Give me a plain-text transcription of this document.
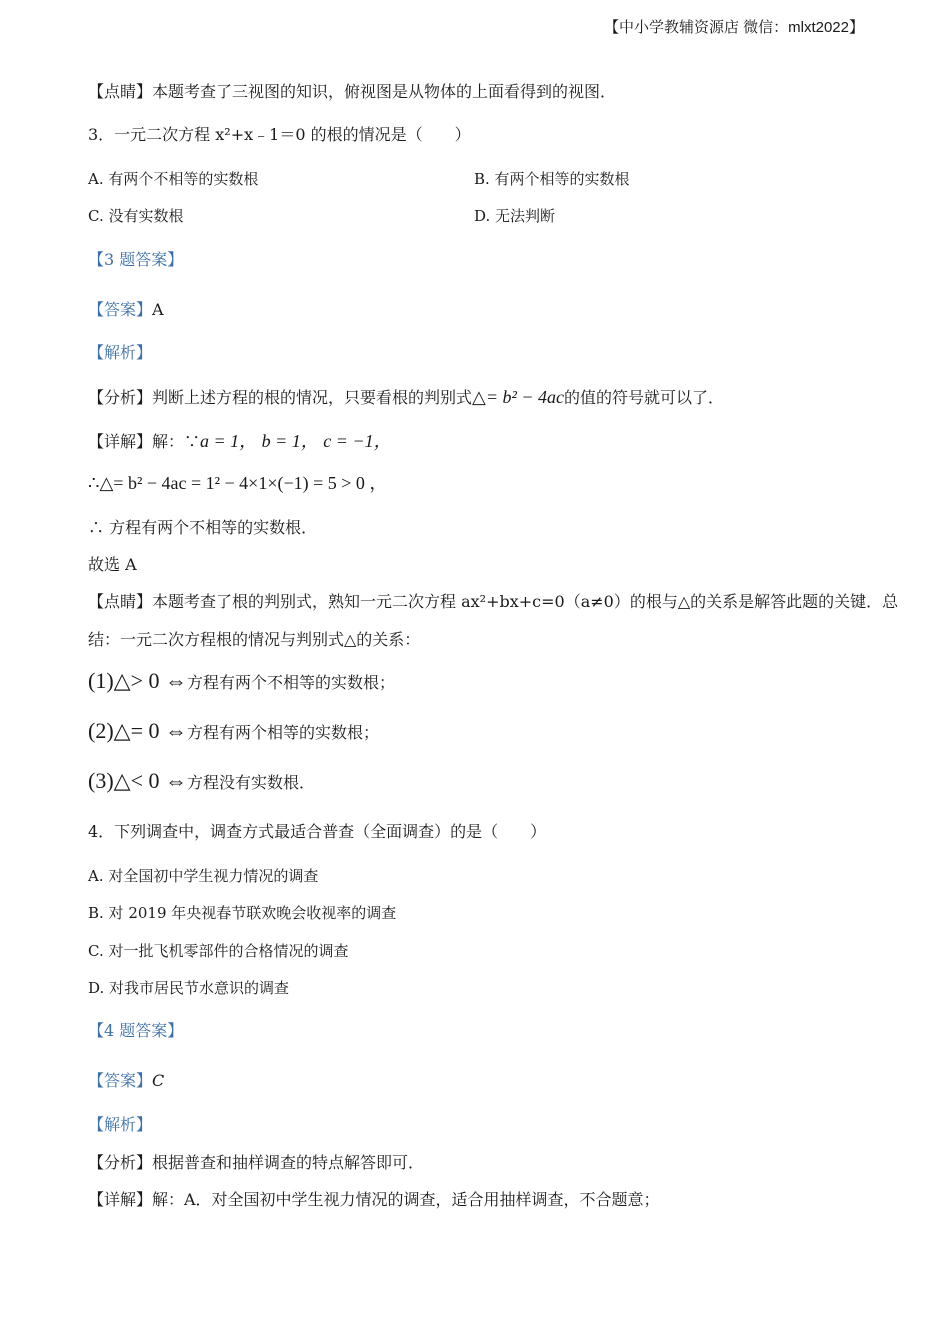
【中小学教辅资源店 微信：mlxt2022】
【点睛】本题考查了三视图的知识，俯视图是从物体的上面看得到的视图．
3．一元二次方程 x²+x﹣1＝0 的根的情况是（　　）
A. 有两个不相等的实数根	B. 有两个相等的实数根
C. 没有实数根	D. 无法判断
【3 题答案】
【答案】A
【解析】
【分析】判断上述方程的根的情况，只要看根的判别式△= b² − 4ac的值的符号就可以了．
【详解】解：∵a = 1， b = 1， c = −1，
∴△= b² − 4ac = 1² − 4×1×(−1) = 5 > 0 ，
∴ 方程有两个不相等的实数根．
故选 A
【点睛】本题考查了根的判别式，熟知一元二次方程 ax²+bx+c=0（a≠0）的根与△的关系是解答此题的关键．总
结：一元二次方程根的情况与判别式△的关系：
(1)△> 0 ⇔方程有两个不相等的实数根；
(2)△= 0 ⇔方程有两个相等的实数根；
(3)△< 0 ⇔方程没有实数根．
4．下列调查中，调查方式最适合普查（全面调查）的是（　　）
A. 对全国初中学生视力情况的调查
B. 对 2019 年央视春节联欢晚会收视率的调查
C. 对一批飞机零部件的合格情况的调查
D. 对我市居民节水意识的调查
【4 题答案】
【答案】C
【解析】
【分析】根据普查和抽样调查的特点解答即可．
【详解】解：A．对全国初中学生视力情况的调查，适合用抽样调查，不合题意；
